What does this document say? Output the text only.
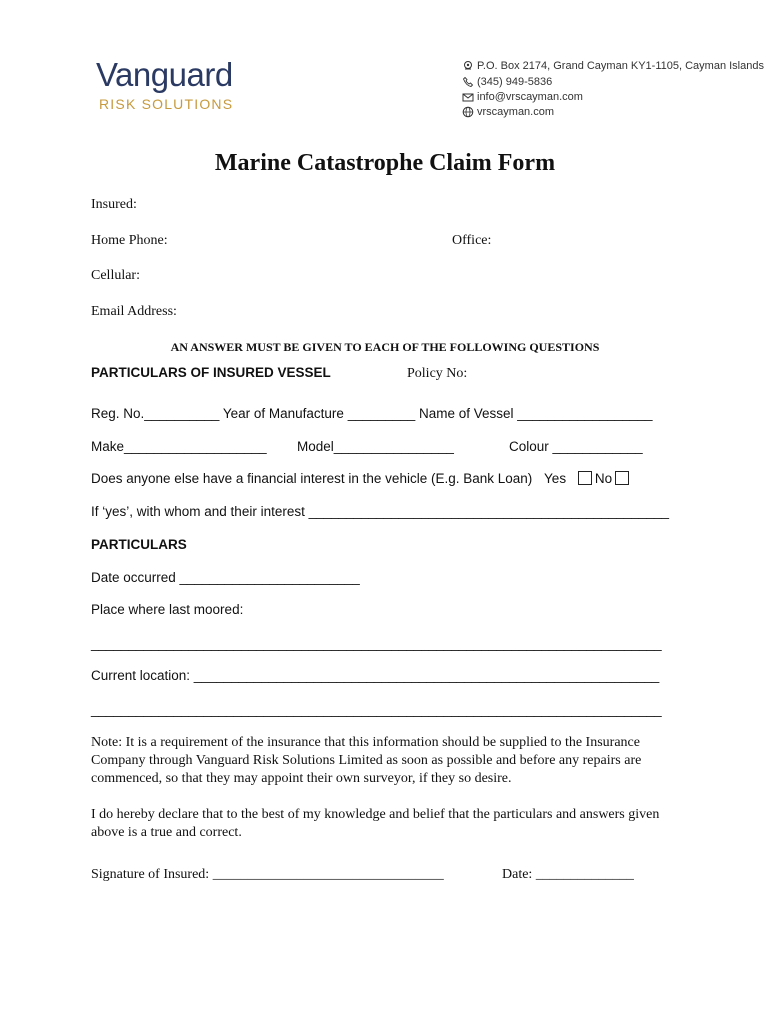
Vanguard
RISK SOLUTIONS
P.O. Box 2174, Grand Cayman KY1-1105, Cayman Islands
(345) 949-5836
info@vrscayman.com
vrscayman.com
Marine Catastrophe Claim Form
Insured:
Home Phone:	Office:
Cellular:
Email Address:
AN ANSWER MUST BE GIVEN TO EACH OF THE FOLLOWING QUESTIONS
PARTICULARS OF INSURED VESSEL	Policy No:
Reg. No.__________ Year of Manufacture _________ Name of Vessel __________________
Make___________________ Model________________	Colour ____________
Does anyone else have a financial interest in the vehicle (E.g. Bank Loan) Yes No
If ‘yes’, with whom and their interest ________________________________________________
PARTICULARS
Date occurred ________________________
Place where last moored:
____________________________________________________________________________
Current location: ______________________________________________________________
____________________________________________________________________________
Note: It is a requirement of the insurance that this information should be supplied to the Insurance Company through Vanguard Risk Solutions Limited as soon as possible and before any repairs are commenced, so that they may appoint their own surveyor, if they so desire.
I do hereby declare that to the best of my knowledge and belief that the particulars and answers given above is a true and correct.
Signature of Insured: _________________________________	Date: ______________
